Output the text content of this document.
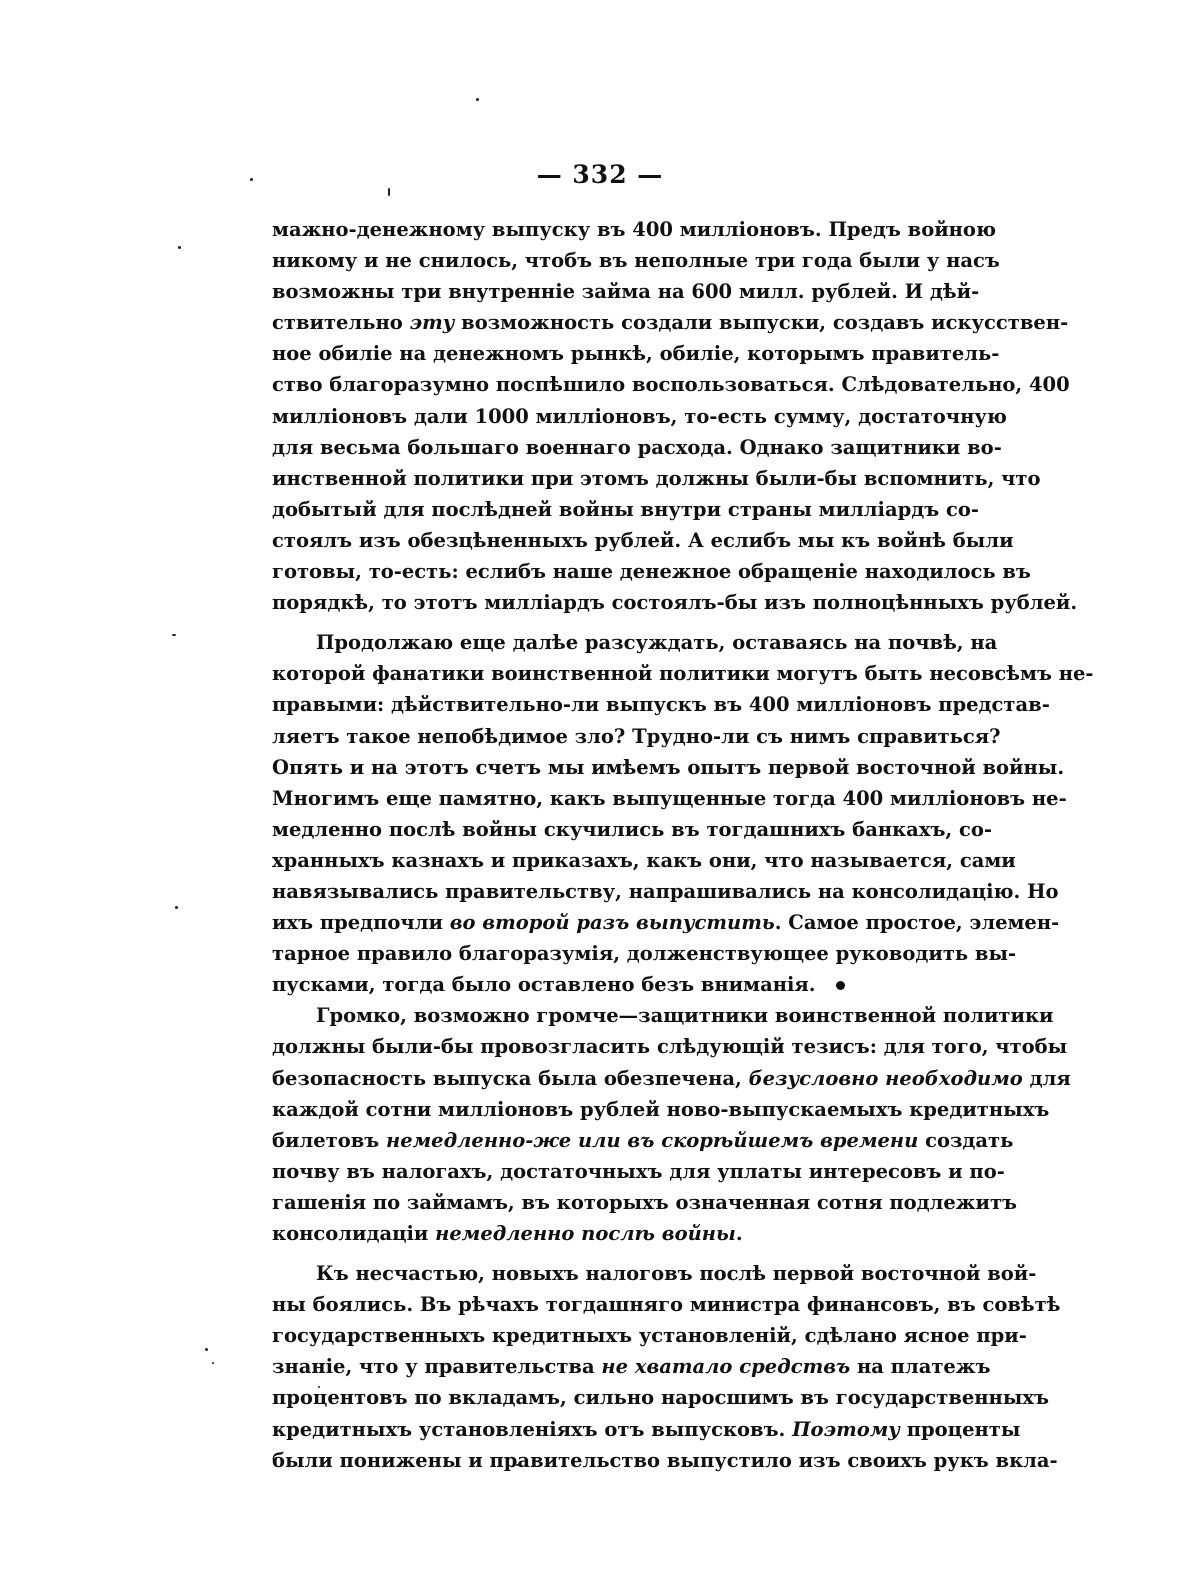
— 332 —
мажно-денежному выпуску въ 400 миллiоновъ. Предъ войною
никому и не снилось, чтобъ въ неполные три года были у насъ
возможны три внутреннiе займа на 600 милл. рублей. И дѣй-
ствительно эту возможность создали выпуски, создавъ искусствен-
ное обилiе на денежномъ рынкѣ, обилiе, которымъ правитель-
ство благоразумно поспѣшило воспользоваться. Слѣдовательно, 400
миллiоновъ дали 1000 миллiоновъ, то-есть сумму, достаточную
для весьма большаго военнаго расхода. Однако защитники во-
инственной политики при этомъ должны были-бы вспомнить, что
добытый для послѣдней войны внутри страны миллiардъ со-
стоялъ изъ обезцѣненныхъ рублей. А еслибъ мы къ войнѣ были
готовы, то-есть: еслибъ наше денежное обращенiе находилось въ
порядкѣ, то этотъ миллiардъ состоялъ-бы изъ полноцѣнныхъ рублей.
Продолжаю еще далѣе разсуждать, оставаясь на почвѣ, на
которой фанатики воинственной политики могутъ быть несовсѣмъ не-
правыми: дѣйствительно-ли выпускъ въ 400 миллiоновъ представ-
ляетъ такое непобѣдимое зло? Трудно-ли съ нимъ справиться?
Опять и на этотъ счетъ мы имѣемъ опытъ первой восточной войны.
Многимъ еще памятно, какъ выпущенные тогда 400 миллiоновъ не-
медленно послѣ войны скучились въ тогдашнихъ банкахъ, со-
хранныхъ казнахъ и приказахъ, какъ они, что называется, сами
навязывались правительству, напрашивались на консолидацiю. Но
ихъ предпочли во второй разъ выпустить. Самое простое, элемен-
тарное правило благоразумiя, долженствующее руководить вы-
пусками, тогда было оставлено безъ вниманiя.
Громко, возможно громче—защитники воинственной политики
должны были-бы провозгласить слѣдующiй тезисъ: для того, чтобы
безопасность выпуска была обезпечена, безусловно необходимо для
каждой сотни миллiоновъ рублей ново-выпускаемыхъ кредитныхъ
билетовъ немедленно-же или въ скорѣйшемъ времени создать
почву въ налогахъ, достаточныхъ для уплаты интересовъ и по-
гашенiя по займамъ, въ которыхъ означенная сотня подлежитъ
консолидацiи немедленно послѣ войны.
Къ несчастью, новыхъ налоговъ послѣ первой восточной вой-
ны боялись. Въ рѣчахъ тогдашняго министра финансовъ, въ совѣтѣ
государственныхъ кредитныхъ установленiй, сдѣлано ясное при-
знанiе, что у правительства не хватало средствъ на платежъ
процентовъ по вкладамъ, сильно наросшимъ въ государственныхъ
кредитныхъ установленiяхъ отъ выпусковъ. Поэтому проценты
были понижены и правительство выпустило изъ своихъ рукъ вкла-
